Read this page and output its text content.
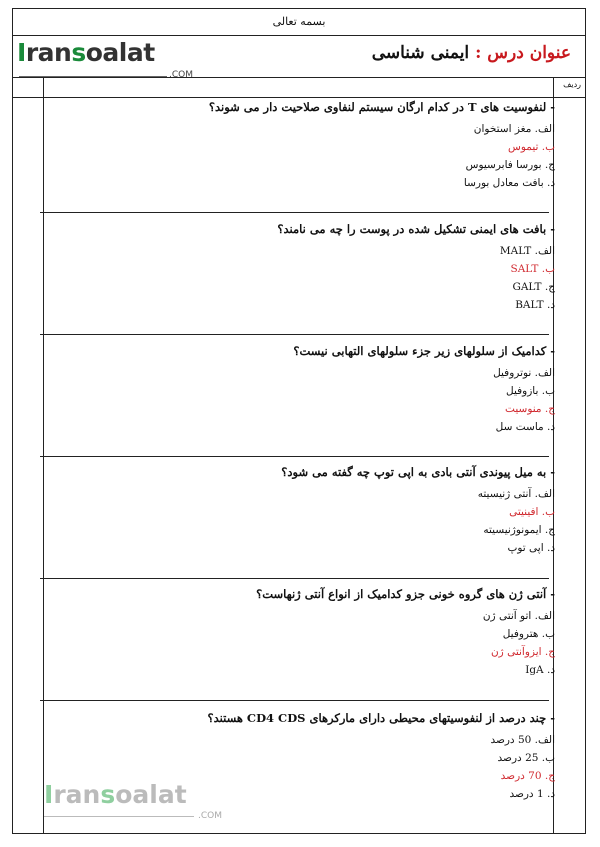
بسمه تعالی
عنوان درس : ایمنی شناسی
Iransoalat
.COM
ردیف
- لنفوسیت های T در کدام ارگان سیستم لنفاوی صلاحیت دار می شوند؟
الف. مغز استخوان
ب. تیموس
ج. بورسا فابرسیوس
د. بافت معادل بورسا
- بافت های ایمنی تشکیل شده در پوست را چه می نامند؟
الف. MALT
ب. SALT
ج. GALT
د. BALT
- کدامیک از سلولهای زیر جزء سلولهای التهابی نیست؟
الف. نوتروفیل
ب. بازوفیل
ج. منوسیت
د. ماست سل
- به میل پیوندی آنتی بادی به اپی توپ چه گفته می شود؟
الف. آنتی ژنیسیته
ب. افینیتی
ج. ایمونوژنیسیته
د. اپی توپ
- آنتی ژن های گروه خونی جزو کدامیک از انواع آنتی ژنهاست؟
الف. اتو آنتی ژن
ب. هتروفیل
ج. ایزوآنتی ژن
د. IgA
- چند درصد از لنفوسیتهای محیطی دارای مارکرهای CD4 CDS هستند؟
الف. 50 درصد
ب. 25 درصد
ج. 70 درصد
د. 1 درصد
Iransoalat
.COM
